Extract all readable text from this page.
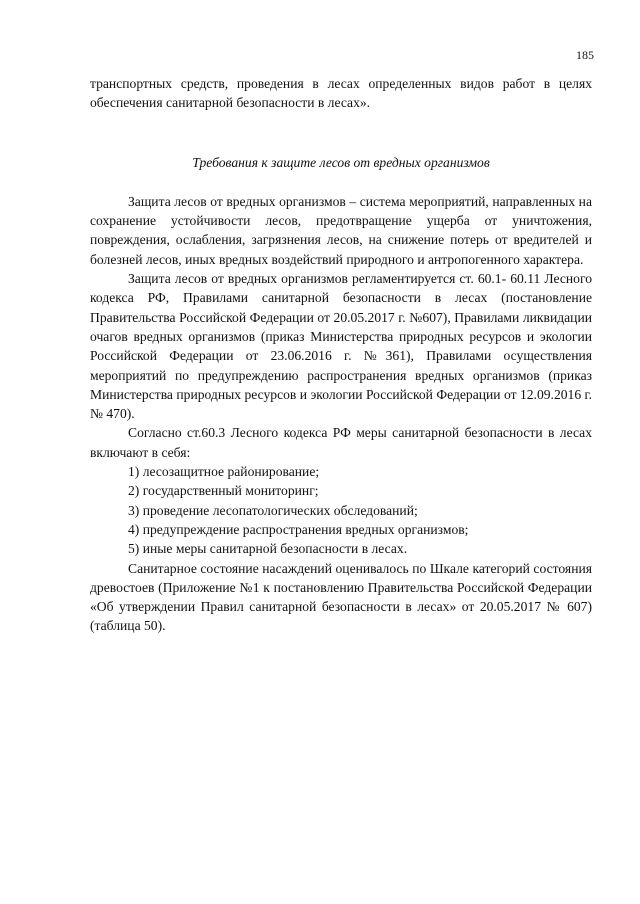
185

транспортных средств, проведения в лесах определенных видов работ в целях обеспечения санитарной безопасности в лесах».

Требования к защите лесов от вредных организмов

Защита лесов от вредных организмов – система мероприятий, направленных на сохранение устойчивости лесов, предотвращение ущерба от уничтожения, повреждения, ослабления, загрязнения лесов, на снижение потерь от вредителей и болезней лесов, иных вредных воздействий природного и антропогенного характера.

Защита лесов от вредных организмов регламентируется ст. 60.1- 60.11 Лесного кодекса РФ, Правилами санитарной безопасности в лесах (постановление Правительства Российской Федерации от 20.05.2017 г. №607), Правилами ликвидации очагов вредных организмов (приказ Министерства природных ресурсов и экологии Российской Федерации от 23.06.2016 г. №361), Правилами осуществления мероприятий по предупреждению распространения вредных организмов (приказ Министерства природных ресурсов и экологии Российской Федерации от 12.09.2016 г. № 470).

Согласно ст.60.3 Лесного кодекса РФ меры санитарной безопасности в лесах включают в себя:

1) лесозащитное районирование;

2) государственный мониторинг;

3) проведение лесопатологических обследований;

4) предупреждение распространения вредных организмов;

5) иные меры санитарной безопасности в лесах.

Санитарное состояние насаждений оценивалось по Шкале категорий состояния древостоев (Приложение №1 к постановлению Правительства Российской Федерации «Об утверждении Правил санитарной безопасности в лесах» от 20.05.2017 № 607) (таблица 50).
